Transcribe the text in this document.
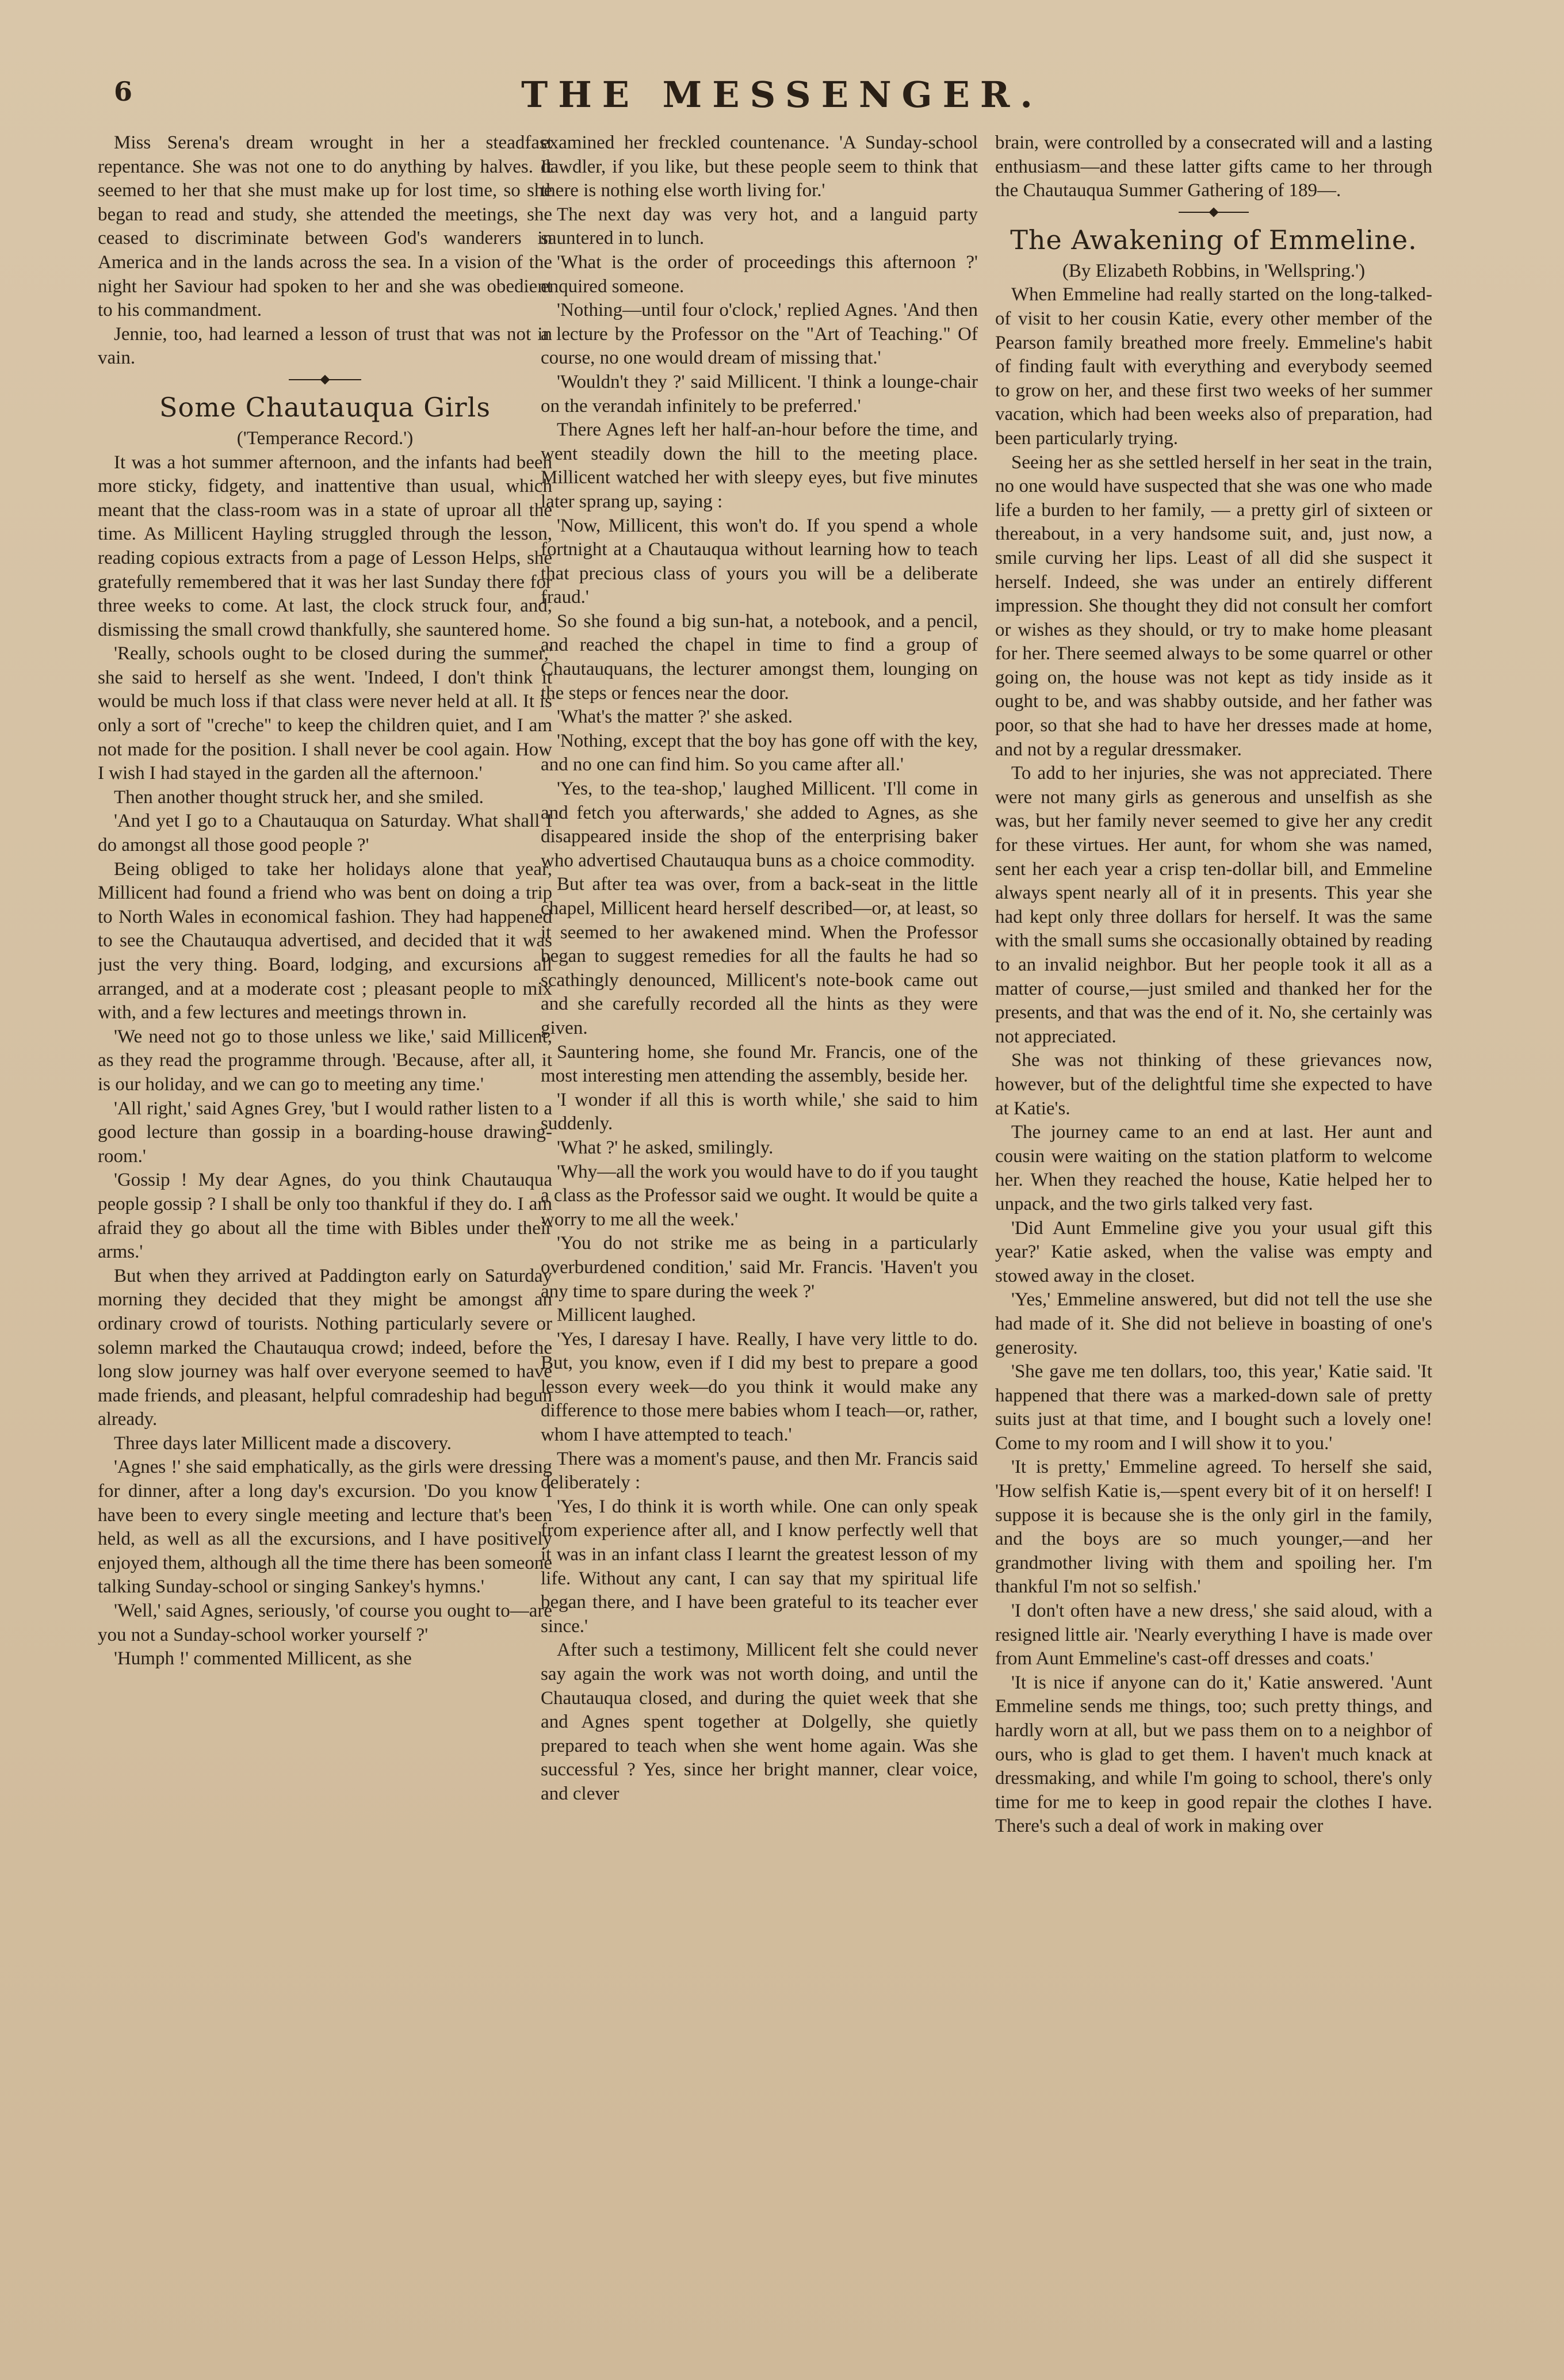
6	THE MESSENGER.

Miss Serena's dream wrought in her a steadfast repentance. She was not one to do anything by halves. It seemed to her that she must make up for lost time, so she began to read and study, she attended the meetings, she ceased to discriminate between God's wanderers in America and in the lands across the sea. In a vision of the night her Saviour had spoken to her and she was obedient to his commandment.

Jennie, too, had learned a lesson of trust that was not in vain.

Some Chautauqua Girls

('Temperance Record.')

It was a hot summer afternoon, and the infants had been more sticky, fidgety, and inattentive than usual, which meant that the class-room was in a state of uproar all the time. As Millicent Hayling struggled through the lesson, reading copious extracts from a page of Lesson Helps, she gratefully remembered that it was her last Sunday there for three weeks to come. At last, the clock struck four, and, dismissing the small crowd thankfully, she sauntered home.

'Really, schools ought to be closed during the summer,' she said to herself as she went. 'Indeed, I don't think it would be much loss if that class were never held at all. It is only a sort of "creche" to keep the children quiet, and I am not made for the position. I shall never be cool again. How I wish I had stayed in the garden all the afternoon.'

Then another thought struck her, and she smiled.

'And yet I go to a Chautauqua on Saturday. What shall I do amongst all those good people ?'

Being obliged to take her holidays alone that year, Millicent had found a friend who was bent on doing a trip to North Wales in economical fashion. They had happened to see the Chautauqua advertised, and decided that it was just the very thing. Board, lodging, and excursions all arranged, and at a moderate cost ; pleasant people to mix with, and a few lectures and meetings thrown in.

'We need not go to those unless we like,' said Millicent, as they read the programme through. 'Because, after all, it is our holiday, and we can go to meeting any time.'

'All right,' said Agnes Grey, 'but I would rather listen to a good lecture than gossip in a boarding-house drawing-room.'

'Gossip ! My dear Agnes, do you think Chautauqua people gossip ? I shall be only too thankful if they do. I am afraid they go about all the time with Bibles under their arms.'

But when they arrived at Paddington early on Saturday morning they decided that they might be amongst an ordinary crowd of tourists. Nothing particularly severe or solemn marked the Chautauqua crowd; indeed, before the long slow journey was half over everyone seemed to have made friends, and pleasant, helpful comradeship had begun already.

Three days later Millicent made a discovery.

'Agnes !' she said emphatically, as the girls were dressing for dinner, after a long day's excursion. 'Do you know I have been to every single meeting and lecture that's been held, as well as all the excursions, and I have positively enjoyed them, although all the time there has been someone talking Sunday-school or singing Sankey's hymns.'

'Well,' said Agnes, seriously, 'of course you ought to—are you not a Sunday-school worker yourself ?'

'Humph !' commented Millicent, as she

examined her freckled countenance. 'A Sunday-school dawdler, if you like, but these people seem to think that there is nothing else worth living for.'

The next day was very hot, and a languid party sauntered in to lunch.

'What is the order of proceedings this afternoon ?' enquired someone.

'Nothing—until four o'clock,' replied Agnes. 'And then a lecture by the Professor on the "Art of Teaching." Of course, no one would dream of missing that.'

'Wouldn't they ?' said Millicent. 'I think a lounge-chair on the verandah infinitely to be preferred.'

There Agnes left her half-an-hour before the time, and went steadily down the hill to the meeting place. Millicent watched her with sleepy eyes, but five minutes later sprang up, saying :

'Now, Millicent, this won't do. If you spend a whole fortnight at a Chautauqua without learning how to teach that precious class of yours you will be a deliberate fraud.'

So she found a big sun-hat, a notebook, and a pencil, and reached the chapel in time to find a group of Chautauquans, the lecturer amongst them, lounging on the steps or fences near the door.

'What's the matter ?' she asked.

'Nothing, except that the boy has gone off with the key, and no one can find him. So you came after all.'

'Yes, to the tea-shop,' laughed Millicent. 'I'll come in and fetch you afterwards,' she added to Agnes, as she disappeared inside the shop of the enterprising baker who advertised Chautauqua buns as a choice commodity.

But after tea was over, from a back-seat in the little chapel, Millicent heard herself described—or, at least, so it seemed to her awakened mind. When the Professor began to suggest remedies for all the faults he had so scathingly denounced, Millicent's note-book came out and she carefully recorded all the hints as they were given.

Sauntering home, she found Mr. Francis, one of the most interesting men attending the assembly, beside her.

'I wonder if all this is worth while,' she said to him suddenly.

'What ?' he asked, smilingly.

'Why—all the work you would have to do if you taught a class as the Professor said we ought. It would be quite a worry to me all the week.'

'You do not strike me as being in a particularly overburdened condition,' said Mr. Francis. 'Haven't you any time to spare during the week ?'

Millicent laughed.

'Yes, I daresay I have. Really, I have very little to do. But, you know, even if I did my best to prepare a good lesson every week—do you think it would make any difference to those mere babies whom I teach—or, rather, whom I have attempted to teach.'

There was a moment's pause, and then Mr. Francis said deliberately :

'Yes, I do think it is worth while. One can only speak from experience after all, and I know perfectly well that it was in an infant class I learnt the greatest lesson of my life. Without any cant, I can say that my spiritual life began there, and I have been grateful to its teacher ever since.'

After such a testimony, Millicent felt she could never say again the work was not worth doing, and until the Chautauqua closed, and during the quiet week that she and Agnes spent together at Dolgelly, she quietly prepared to teach when she went home again. Was she successful ? Yes, since her bright manner, clear voice, and clever

brain, were controlled by a consecrated will and a lasting enthusiasm—and these latter gifts came to her through the Chautauqua Summer Gathering of 189—.

The Awakening of Emmeline.

(By Elizabeth Robbins, in 'Wellspring.')

When Emmeline had really started on the long-talked-of visit to her cousin Katie, every other member of the Pearson family breathed more freely. Emmeline's habit of finding fault with everything and everybody seemed to grow on her, and these first two weeks of her summer vacation, which had been weeks also of preparation, had been particularly trying.

Seeing her as she settled herself in her seat in the train, no one would have suspected that she was one who made life a burden to her family, — a pretty girl of sixteen or thereabout, in a very handsome suit, and, just now, a smile curving her lips. Least of all did she suspect it herself. Indeed, she was under an entirely different impression. She thought they did not consult her comfort or wishes as they should, or try to make home pleasant for her. There seemed always to be some quarrel or other going on, the house was not kept as tidy inside as it ought to be, and was shabby outside, and her father was poor, so that she had to have her dresses made at home, and not by a regular dressmaker.

To add to her injuries, she was not appreciated. There were not many girls as generous and unselfish as she was, but her family never seemed to give her any credit for these virtues. Her aunt, for whom she was named, sent her each year a crisp ten-dollar bill, and Emmeline always spent nearly all of it in presents. This year she had kept only three dollars for herself. It was the same with the small sums she occasionally obtained by reading to an invalid neighbor. But her people took it all as a matter of course,—just smiled and thanked her for the presents, and that was the end of it. No, she certainly was not appreciated.

She was not thinking of these grievances now, however, but of the delightful time she expected to have at Katie's.

The journey came to an end at last. Her aunt and cousin were waiting on the station platform to welcome her. When they reached the house, Katie helped her to unpack, and the two girls talked very fast.

'Did Aunt Emmeline give you your usual gift this year?' Katie asked, when the valise was empty and stowed away in the closet.

'Yes,' Emmeline answered, but did not tell the use she had made of it. She did not believe in boasting of one's generosity.

'She gave me ten dollars, too, this year,' Katie said. 'It happened that there was a marked-down sale of pretty suits just at that time, and I bought such a lovely one! Come to my room and I will show it to you.'

'It is pretty,' Emmeline agreed. To herself she said, 'How selfish Katie is,—spent every bit of it on herself! I suppose it is because she is the only girl in the family, and the boys are so much younger,—and her grandmother living with them and spoiling her. I'm thankful I'm not so selfish.'

'I don't often have a new dress,' she said aloud, with a resigned little air. 'Nearly everything I have is made over from Aunt Emmeline's cast-off dresses and coats.'

'It is nice if anyone can do it,' Katie answered. 'Aunt Emmeline sends me things, too; such pretty things, and hardly worn at all, but we pass them on to a neighbor of ours, who is glad to get them. I haven't much knack at dressmaking, and while I'm going to school, there's only time for me to keep in good repair the clothes I have. There's such a deal of work in making over
